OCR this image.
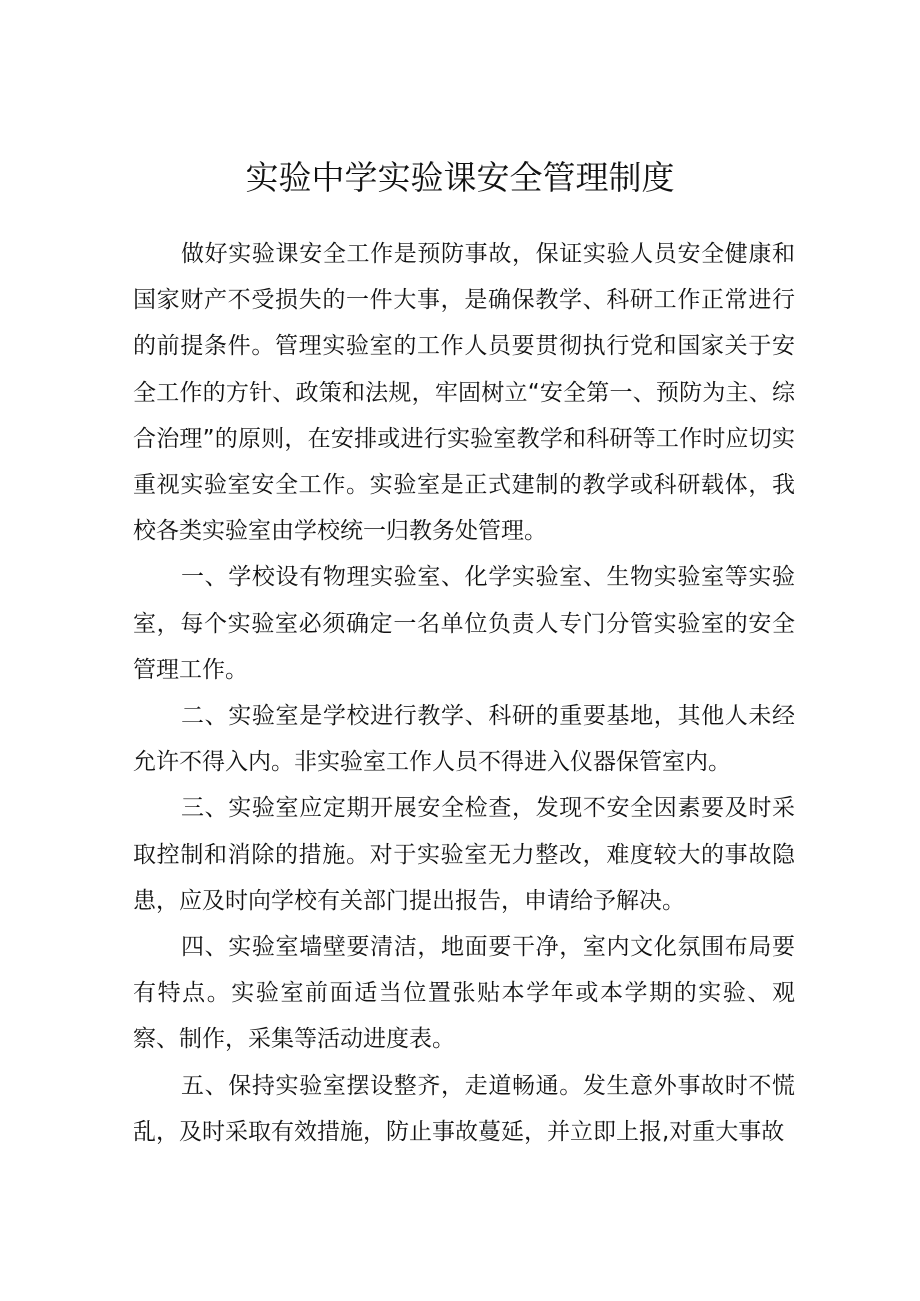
实验中学实验课安全管理制度

做好实验课安全工作是预防事故，保证实验人员安全健康和国家财产不受损失的一件大事，是确保教学、科研工作正常进行的前提条件。管理实验室的工作人员要贯彻执行党和国家关于安全工作的方针、政策和法规，牢固树立“安全第一、预防为主、综合治理”的原则，在安排或进行实验室教学和科研等工作时应切实重视实验室安全工作。实验室是正式建制的教学或科研载体，我校各类实验室由学校统一归教务处管理。

一、学校设有物理实验室、化学实验室、生物实验室等实验室，每个实验室必须确定一名单位负责人专门分管实验室的安全管理工作。

二、实验室是学校进行教学、科研的重要基地，其他人未经允许不得入内。非实验室工作人员不得进入仪器保管室内。

三、实验室应定期开展安全检查，发现不安全因素要及时采取控制和消除的措施。对于实验室无力整改，难度较大的事故隐患，应及时向学校有关部门提出报告，申请给予解决。

四、实验室墙壁要清洁，地面要干净，室内文化氛围布局要有特点。实验室前面适当位置张贴本学年或本学期的实验、观察、制作，采集等活动进度表。

五、保持实验室摆设整齐，走道畅通。发生意外事故时不慌乱，及时采取有效措施，防止事故蔓延，并立即上报,对重大事故
